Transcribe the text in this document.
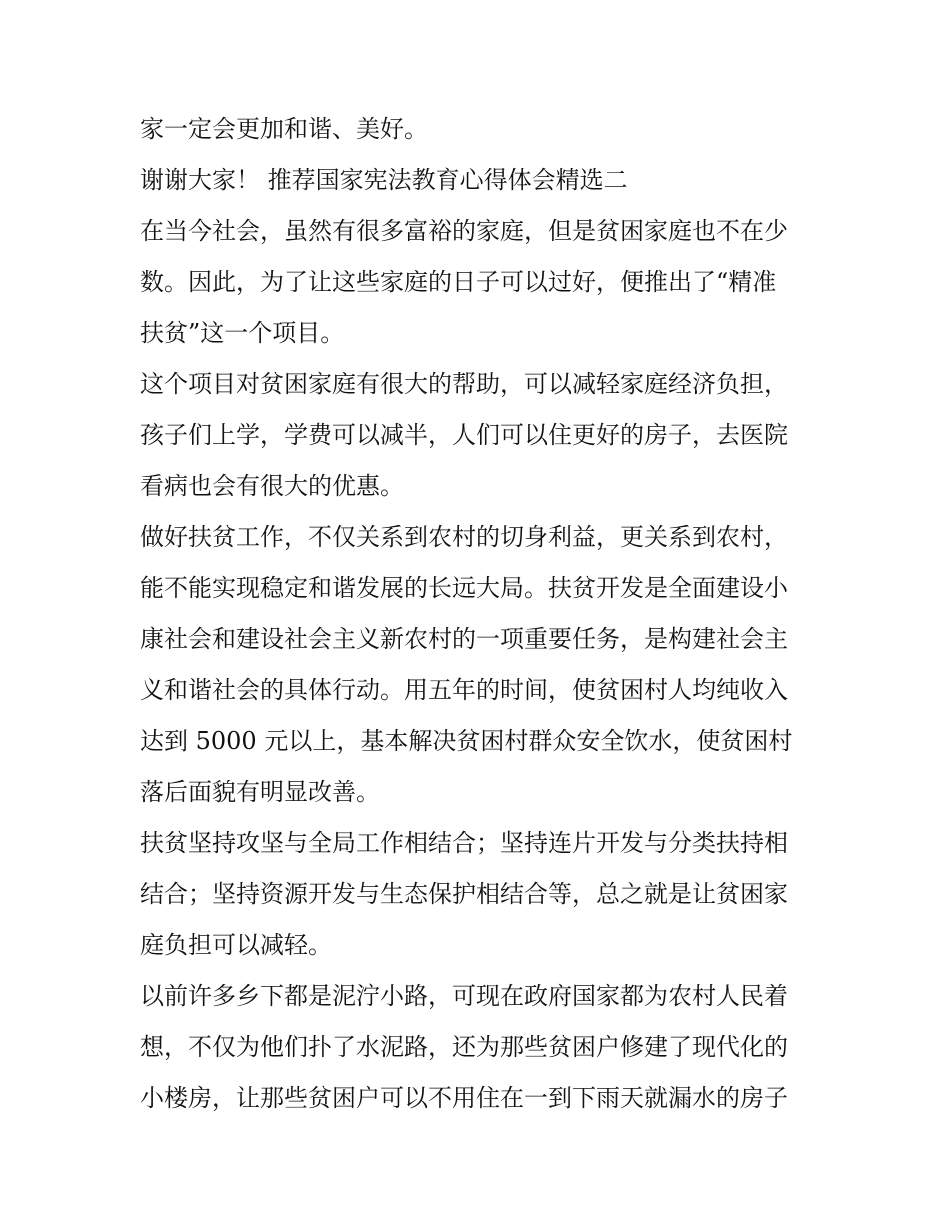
家一定会更加和谐、美好。
谢谢大家！ 推荐国家宪法教育心得体会精选二
在当今社会，虽然有很多富裕的家庭，但是贫困家庭也不在少
数。因此，为了让这些家庭的日子可以过好，便推出了“精准
扶贫”这一个项目。
这个项目对贫困家庭有很大的帮助，可以减轻家庭经济负担，
孩子们上学，学费可以减半，人们可以住更好的房子，去医院
看病也会有很大的优惠。
做好扶贫工作，不仅关系到农村的切身利益，更关系到农村，
能不能实现稳定和谐发展的长远大局。扶贫开发是全面建设小
康社会和建设社会主义新农村的一项重要任务，是构建社会主
义和谐社会的具体行动。用五年的时间，使贫困村人均纯收入
达到 5000 元以上，基本解决贫困村群众安全饮水，使贫困村
落后面貌有明显改善。
扶贫坚持攻坚与全局工作相结合；坚持连片开发与分类扶持相
结合；坚持资源开发与生态保护相结合等，总之就是让贫困家
庭负担可以减轻。
以前许多乡下都是泥泞小路，可现在政府国家都为农村人民着
想，不仅为他们扑了水泥路，还为那些贫困户修建了现代化的
小楼房，让那些贫困户可以不用住在一到下雨天就漏水的房子
